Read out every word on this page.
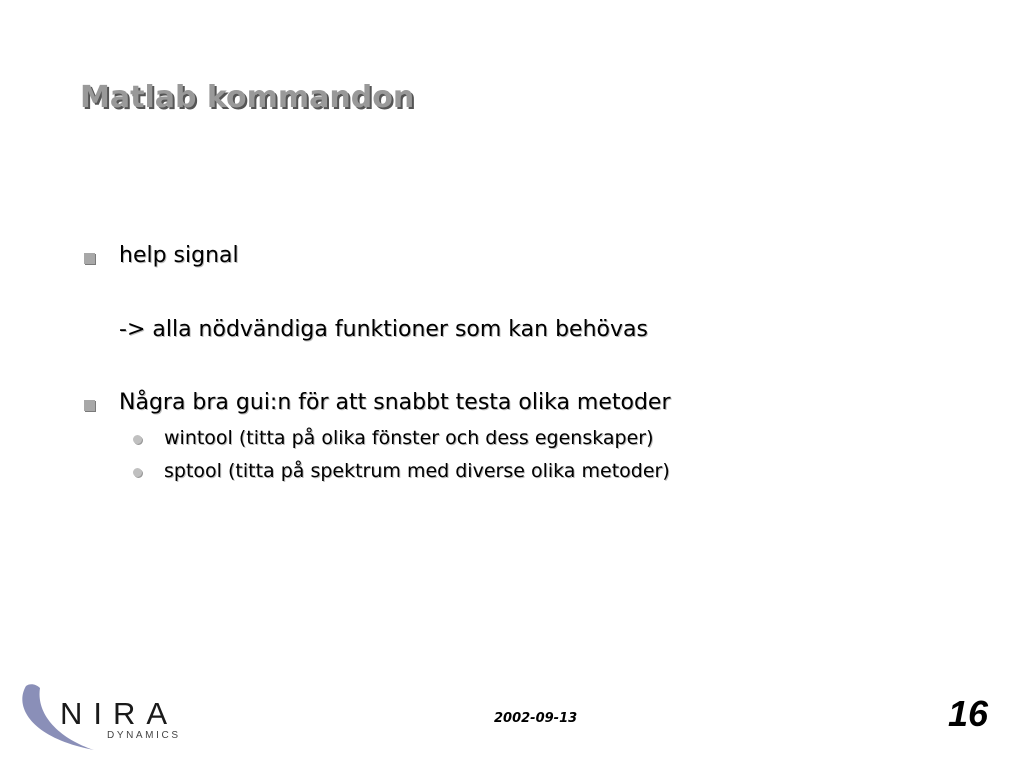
Matlab kommandon
help signal
-> alla nödvändiga funktioner som kan behövas
Några bra gui:n för att snabbt testa olika metoder
wintool (titta på olika fönster och dess egenskaper)
sptool (titta på spektrum med diverse olika metoder)
NIRA
DYNAMICS
2002-09-13	16
